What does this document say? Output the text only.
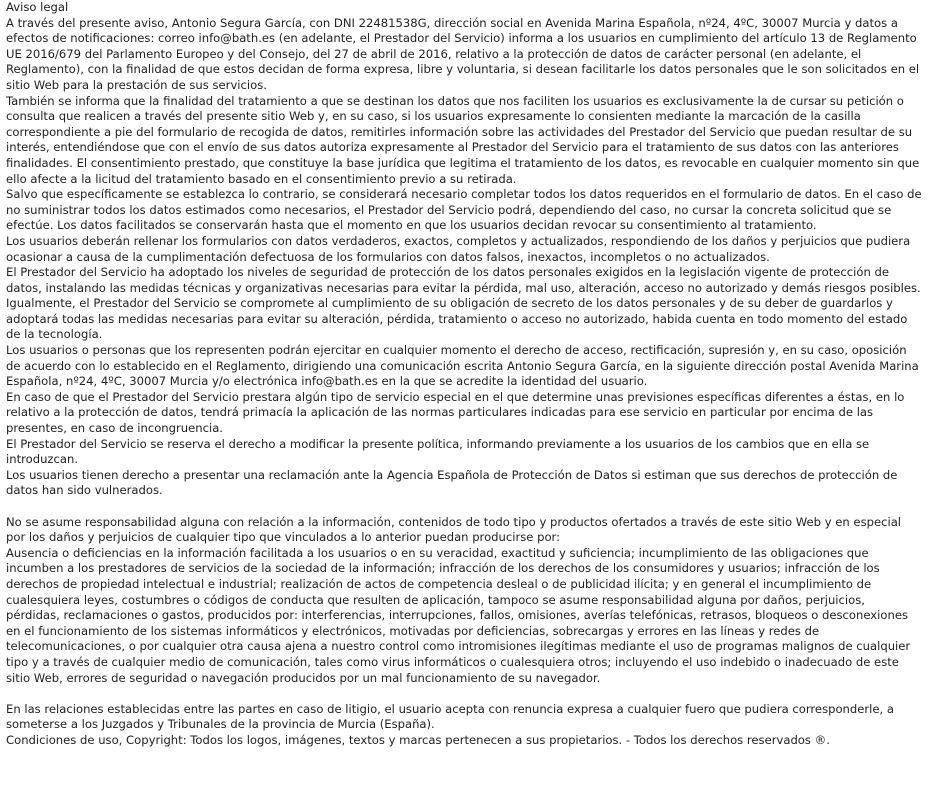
Aviso legal

A través del presente aviso, Antonio Segura García, con DNI 22481538G, dirección social en Avenida Marina Española, nº24, 4ºC, 30007 Murcia y datos a efectos de notificaciones: correo info@bath.es (en adelante, el Prestador del Servicio) informa a los usuarios en cumplimiento del artículo 13 de Reglamento UE 2016/679 del Parlamento Europeo y del Consejo, del 27 de abril de 2016, relativo a la protección de datos de carácter personal (en adelante, el Reglamento), con la finalidad de que estos decidan de forma expresa, libre y voluntaria, si desean facilitarle los datos personales que le son solicitados en el sitio Web para la prestación de sus servicios.

También se informa que la finalidad del tratamiento a que se destinan los datos que nos faciliten los usuarios es exclusivamente la de cursar su petición o consulta que realicen a través del presente sitio Web y, en su caso, si los usuarios expresamente lo consienten mediante la marcación de la casilla correspondiente a pie del formulario de recogida de datos, remitirles información sobre las actividades del Prestador del Servicio que puedan resultar de su interés, entendiéndose que con el envío de sus datos autoriza expresamente al Prestador del Servicio para el tratamiento de sus datos con las anteriores finalidades. El consentimiento prestado, que constituye la base jurídica que legitima el tratamiento de los datos, es revocable en cualquier momento sin que ello afecte a la licitud del tratamiento basado en el consentimiento previo a su retirada.

Salvo que específicamente se establezca lo contrario, se considerará necesario completar todos los datos requeridos en el formulario de datos. En el caso de no suministrar todos los datos estimados como necesarios, el Prestador del Servicio podrá, dependiendo del caso, no cursar la concreta solicitud que se efectúe. Los datos facilitados se conservarán hasta que el momento en que los usuarios decidan revocar su consentimiento al tratamiento.

Los usuarios deberán rellenar los formularios con datos verdaderos, exactos, completos y actualizados, respondiendo de los daños y perjuicios que pudiera ocasionar a causa de la cumplimentación defectuosa de los formularios con datos falsos, inexactos, incompletos o no actualizados.

El Prestador del Servicio ha adoptado los niveles de seguridad de protección de los datos personales exigidos en la legislación vigente de protección de datos, instalando las medidas técnicas y organizativas necesarias para evitar la pérdida, mal uso, alteración, acceso no autorizado y demás riesgos posibles.

Igualmente, el Prestador del Servicio se compromete al cumplimiento de su obligación de secreto de los datos personales y de su deber de guardarlos y adoptará todas las medidas necesarias para evitar su alteración, pérdida, tratamiento o acceso no autorizado, habida cuenta en todo momento del estado de la tecnología.

Los usuarios o personas que los representen podrán ejercitar en cualquier momento el derecho de acceso, rectificación, supresión y, en su caso, oposición de acuerdo con lo establecido en el Reglamento, dirigiendo una comunicación escrita Antonio Segura García, en la siguiente dirección postal Avenida Marina Española, nº24, 4ºC, 30007 Murcia y/o electrónica info@bath.es en la que se acredite la identidad del usuario.

En caso de que el Prestador del Servicio prestara algún tipo de servicio especial en el que determine unas previsiones específicas diferentes a éstas, en lo relativo a la protección de datos, tendrá primacía la aplicación de las normas particulares indicadas para ese servicio en particular por encima de las presentes, en caso de incongruencia.

El Prestador del Servicio se reserva el derecho a modificar la presente política, informando previamente a los usuarios de los cambios que en ella se introduzcan.

Los usuarios tienen derecho a presentar una reclamación ante la Agencia Española de Protección de Datos si estiman que sus derechos de protección de datos han sido vulnerados.

No se asume responsabilidad alguna con relación a la información, contenidos de todo tipo y productos ofertados a través de este sitio Web y en especial por los daños y perjuicios de cualquier tipo que vinculados a lo anterior puedan producirse por:

Ausencia o deficiencias en la información facilitada a los usuarios o en su veracidad, exactitud y suficiencia; incumplimiento de las obligaciones que incumben a los prestadores de servicios de la sociedad de la información; infracción de los derechos de los consumidores y usuarios; infracción de los derechos de propiedad intelectual e industrial; realización de actos de competencia desleal o de publicidad ilícita; y en general el incumplimiento de cualesquiera leyes, costumbres o códigos de conducta que resulten de aplicación, tampoco se asume responsabilidad alguna por daños, perjuicios, pérdidas, reclamaciones o gastos, producidos por: interferencias, interrupciones, fallos, omisiones, averías telefónicas, retrasos, bloqueos o desconexiones en el funcionamiento de los sistemas informáticos y electrónicos, motivadas por deficiencias, sobrecargas y errores en las líneas y redes de telecomunicaciones, o por cualquier otra causa ajena a nuestro control como intromisiones ilegítimas mediante el uso de programas malignos de cualquier tipo y a través de cualquier medio de comunicación, tales como virus informáticos o cualesquiera otros; incluyendo el uso indebido o inadecuado de este sitio Web, errores de seguridad o navegación producidos por un mal funcionamiento de su navegador.

En las relaciones establecidas entre las partes en caso de litigio, el usuario acepta con renuncia expresa a cualquier fuero que pudiera corresponderle, a someterse a los Juzgados y Tribunales de la provincia de Murcia (España).

Condiciones de uso, Copyright: Todos los logos, imágenes, textos y marcas pertenecen a sus propietarios. - Todos los derechos reservados ®.
